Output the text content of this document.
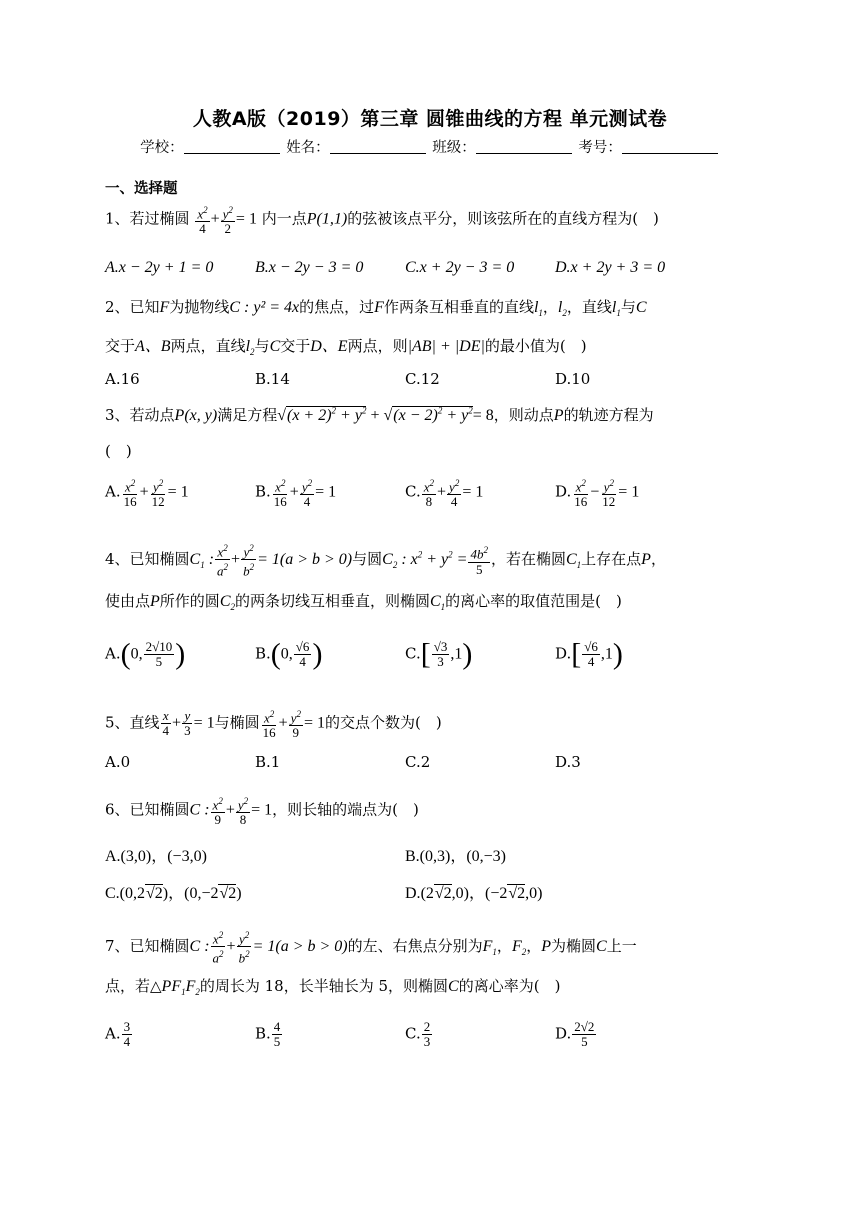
人教A版（2019）第三章 圆锥曲线的方程 单元测试卷
学校：	姓名：	班级：	考号：
一、选择题
1、若过椭圆 $\frac{x^2}{4} + \frac{y^2}{2} = 1$ 内一点P(1,1)的弦被该点平分，则该弦所在的直线方程为(　)
A.x − 2y + 1 = 0	B.x − 2y − 3 = 0	C.x + 2y − 3 = 0	D.x + 2y + 3 = 0
2、已知F为抛物线C : y² = 4x的焦点，过F作两条互相垂直的直线$l_1$，$l_2$，直线$l_1$与C
交于A、B两点，直线$l_2$与C交于D、E两点，则|AB| + |DE|的最小值为(　)
A.16	B.14	C.12	D.10
3、若动点P(x, y)满足方程$√(x + 2)^2 + y^2 + √(x - 2)^2 + y^2= 8$，则动点P的轨迹方程为
(　)
A. $\frac{x^2}{16} + \frac{y^2}{12} = 1$	B. $\frac{x^2}{16} + \frac{y^2}{4} = 1$	C. $\frac{x^2}{8} + \frac{y^2}{4} = 1$	D. $\frac{x^2}{16} - \frac{y^2}{12} = 1$
4、已知椭圆$C_1$ : $\frac{x^2}{a^2} + \frac{y^2}{b^2} = 1(a > b > 0)$与圆$C_2$ : $x^2 + y^2 = \frac{4b^2}{5}$ ，若在椭圆$C_1$上存在点P，
使由点P所作的圆$C_2$的两条切线互相垂直，则椭圆$C_1$的离心率的取值范围是(　)
A.(0, $\frac{2√10}{5}$ )	B.(0, $\frac{√6}{4}$ )	$C.[ \frac{√3}{3} ,1)$	$D.[ \frac{√6}{4} ,1)$
5、直线 $\frac{x}{4} + \frac{y}{3} = 1$与椭圆 $\frac{x^2}{16} + \frac{y^2}{9} = 1$的交点个数为(　)
A.0	B.1	C.2	D.3
6、已知椭圆C : $\frac{x^2}{9} + \frac{y^2}{8} = 1$，则长轴的端点为(　)
A.(3,0)，(−3,0)	B.(0,3)，(0,−3)
C.(0,2√2)，(0,−2√2)	D.(2√2,0)，(−2√2,0)
7、已知椭圆C : $\frac{x^2}{a^2} + \frac{y^2}{b^2} = 1(a > b > 0)$的左、右焦点分别为$F_1$，$F_2$，P为椭圆C上一
点，若$\triangle PF_1F_2$的周长为 18，长半轴长为 5，则椭圆C的离心率为(　)
A. $\frac{3}{4}$	B. $\frac{4}{5}$	C. $\frac{2}{3}$	D. $\frac{2√2}{5}$
